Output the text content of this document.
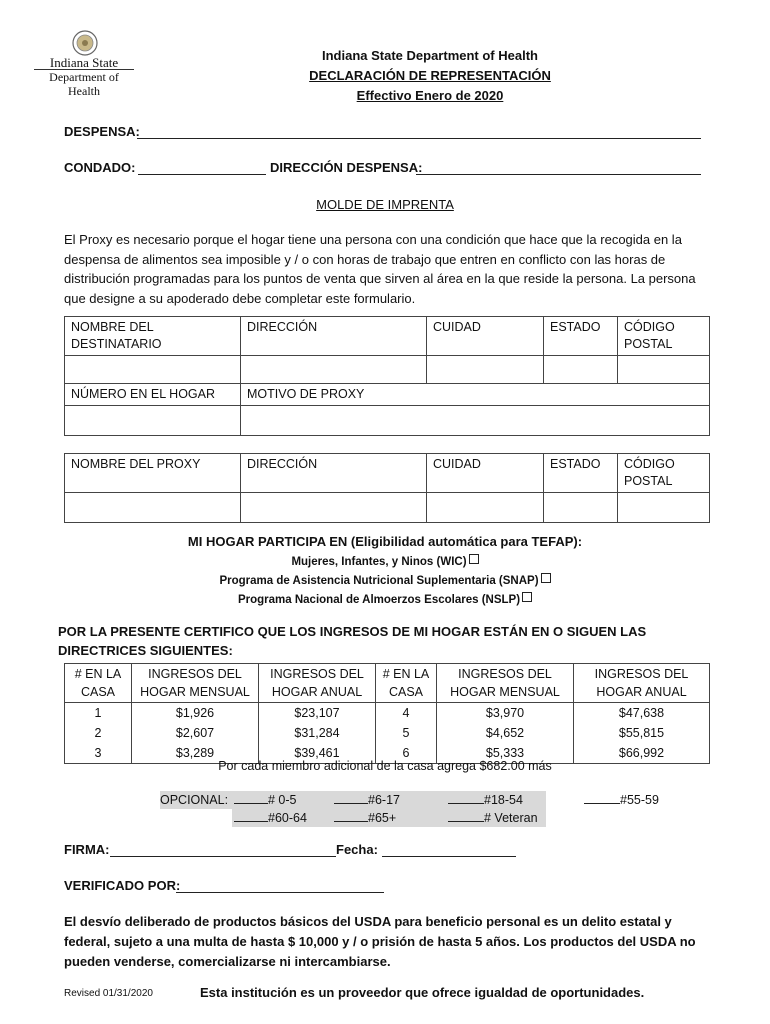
Indiana State
Department of Health
Indiana State Department of Health
DECLARACIÓN DE REPRESENTACIÓN
Effectivo Enero de 2020
DESPENSA:
CONDADO:	DIRECCIÓN DESPENSA:
MOLDE DE IMPRENTA
El Proxy es necesario porque el hogar tiene una persona con una condición que hace que la recogida en la despensa de alimentos sea imposible y / o con horas de trabajo que entren en conflicto con las horas de distribución programadas para los puntos de venta que sirven al área en la que reside la persona. La persona que designe a su apoderado debe completar este formulario.
NOMBRE DEL DESTINATARIO	DIRECCIÓN	CUIDAD	ESTADO	CÓDIGO POSTAL

NÚMERO EN EL HOGAR	MOTIVO DE PROXY			

NOMBRE DEL PROXY	DIRECCIÓN	CUIDAD	ESTADO	CÓDIGO POSTAL

MI HOGAR PARTICIPA EN (Eligibilidad automática para TEFAP):
Mujeres, Infantes, y Ninos (WIC)
Programa de Asistencia Nutricional Suplementaria (SNAP)
Programa Nacional de Almoerzos Escolares (NSLP)
POR LA PRESENTE CERTIFICO QUE LOS INGRESOS DE MI HOGAR ESTÁN EN O SIGUEN LAS DIRECTRICES SIGUIENTES:
# EN LA CASA	INGRESOS DEL HOGAR MENSUAL	INGRESOS DEL HOGAR ANUAL	# EN LA CASA	INGRESOS DEL HOGAR MENSUAL	INGRESOS DEL HOGAR ANUAL
1	$1,926	$23,107	4	$3,970	$47,638
2	$2,607	$31,284	5	$4,652	$55,815
3	$3,289	$39,461	6	$5,333	$66,992
Por cada miembro adicional de la casa agrega $682.00 más
OPCIONAL:	# 0-5	#6-17	#18-54	#55-59
#60-64	#65+	# Veteran
FIRMA:	Fecha:
VERIFICADO POR:
El desvío deliberado de productos básicos del USDA para beneficio personal es un delito estatal y federal, sujeto a una multa de hasta $ 10,000 y / o prisión de hasta 5 años. Los productos del USDA no pueden venderse, comercializarse ni intercambiarse.
Revised 01/31/2020	Esta institución es un proveedor que ofrece igualdad de oportunidades.
